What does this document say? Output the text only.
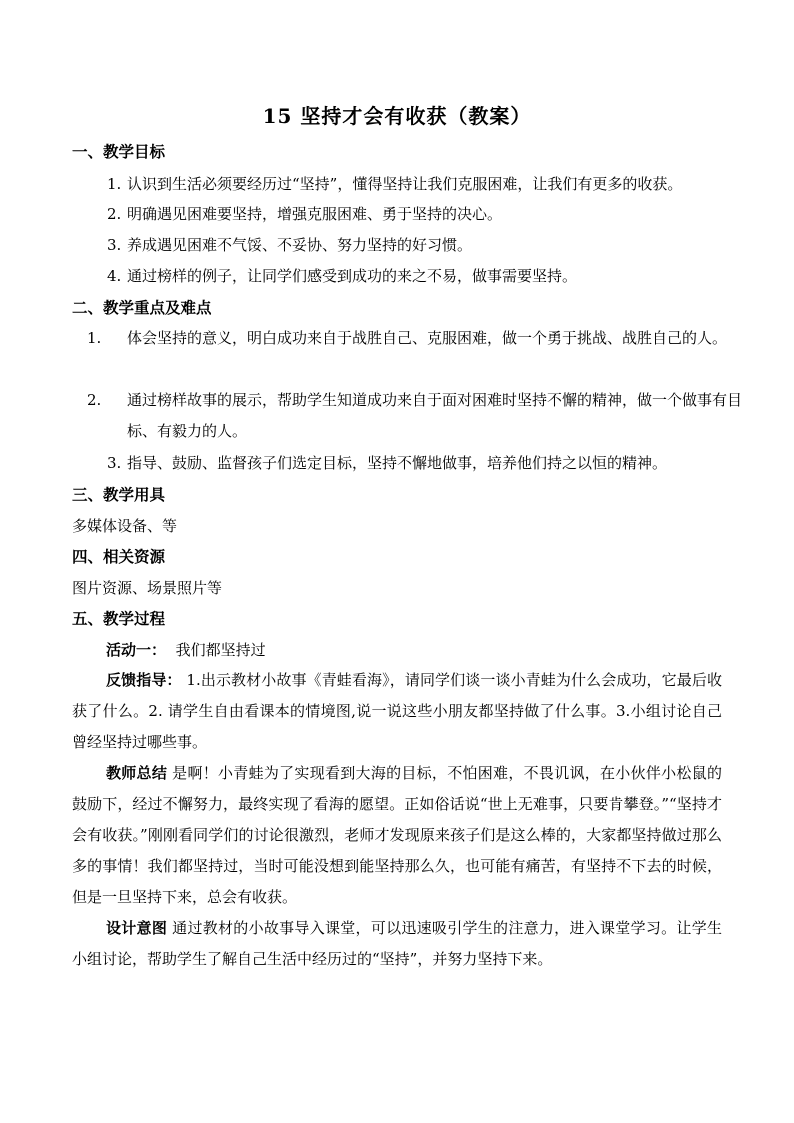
15 坚持才会有收获（教案）
一、教学目标
1. 认识到生活必须要经历过“坚持”，懂得坚持让我们克服困难，让我们有更多的收获。
2. 明确遇见困难要坚持，增强克服困难、勇于坚持的决心。
3. 养成遇见困难不气馁、不妥协、努力坚持的好习惯。
4. 通过榜样的例子，让同学们感受到成功的来之不易，做事需要坚持。
二、教学重点及难点
1. 体会坚持的意义，明白成功来自于战胜自己、克服困难，做一个勇于挑战、战胜自己的人。
2. 通过榜样故事的展示，帮助学生知道成功来自于面对困难时坚持不懈的精神，做一个做事有目标、有毅力的人。
3. 指导、鼓励、监督孩子们选定目标，坚持不懈地做事，培养他们持之以恒的精神。
三、教学用具
多媒体设备、等
四、相关资源
图片资源、场景照片等
五、教学过程
活动一： 我们都坚持过
反馈指导： 1.出示教材小故事《青蛙看海》，请同学们谈一谈小青蛙为什么会成功，它最后收获了什么。2. 请学生自由看课本的情境图,说一说这些小朋友都坚持做了什么事。3.小组讨论自己曾经坚持过哪些事。
教师总结 是啊！小青蛙为了实现看到大海的目标，不怕困难，不畏讥讽，在小伙伴小松鼠的鼓励下，经过不懈努力，最终实现了看海的愿望。正如俗话说“世上无难事，只要肯攀登。”“坚持才会有收获。”刚刚看同学们的讨论很激烈，老师才发现原来孩子们是这么棒的，大家都坚持做过那么多的事情！我们都坚持过，当时可能没想到能坚持那么久，也可能有痛苦，有坚持不下去的时候，但是一旦坚持下来，总会有收获。
设计意图 通过教材的小故事导入课堂，可以迅速吸引学生的注意力，进入课堂学习。让学生小组讨论，帮助学生了解自己生活中经历过的“坚持”，并努力坚持下来。
